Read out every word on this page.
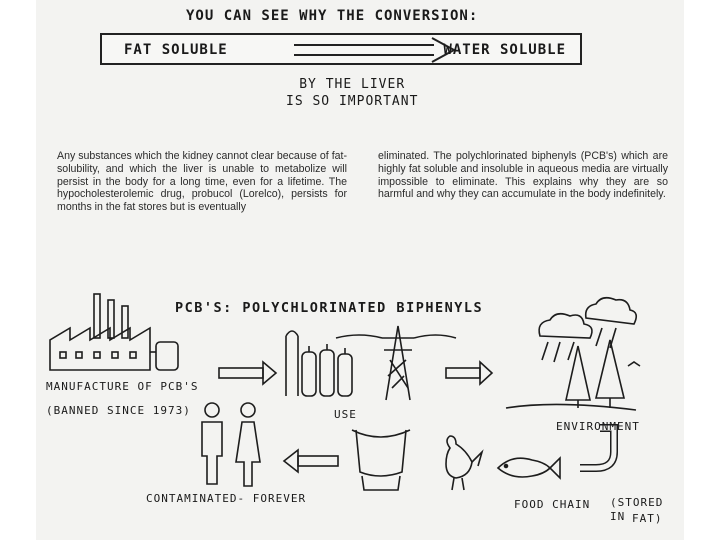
YOU CAN SEE WHY THE CONVERSION:
FAT SOLUBLE	WATER SOLUBLE
BY THE LIVER
IS SO IMPORTANT

Any substances which the kidney cannot clear because of fat-solubility, and which the liver is unable to metabolize will persist in the body for a long time, even for a lifetime. The hypocholesterolemic drug, probucol (Lorelco), persists for months in the fat stores but is eventually

eliminated. The polychlorinated biphenyls (PCB's) which are highly fat soluble and insoluble in aqueous media are virtually impossible to eliminate. This explains why they are so harmful and why they can accumulate in the body indefinitely.

PCB'S: POLYCHLORINATED BIPHENYLS
MANUFACTURE OF PCB'S
(BANNED SINCE 1973)	USE
ENVIRONMENT
FOOD CHAIN (STORED IN FAT)
CONTAMINATED- FOREVER
